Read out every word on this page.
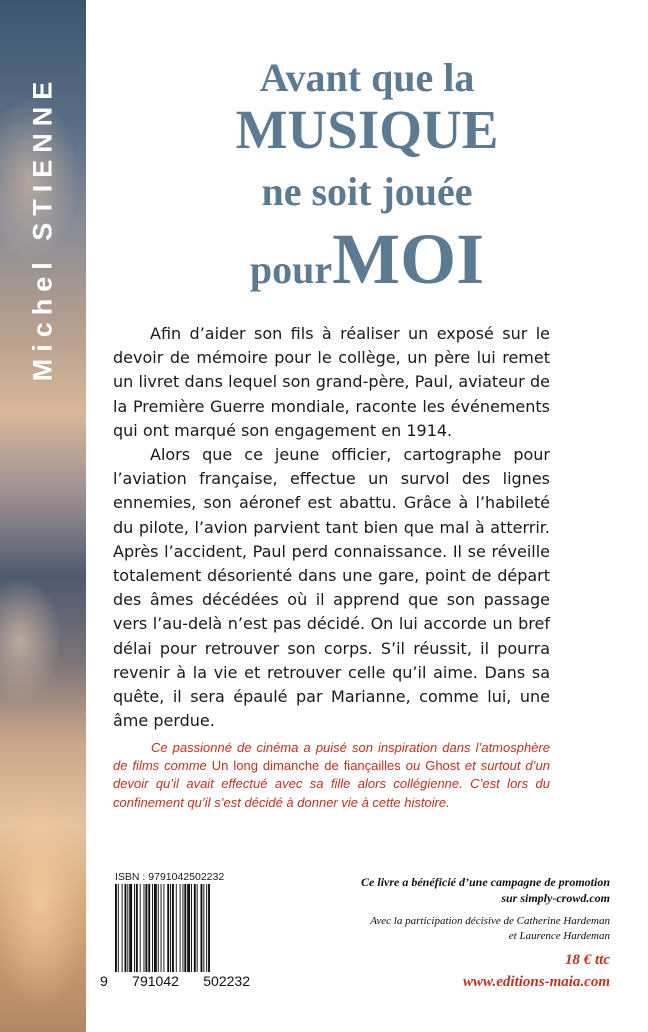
Michel STIENNE	Avant que la
MUSIQUE
ne soit jouée
pourMOI

Afin d’aider son fils à réaliser un exposé sur le devoir de mémoire pour le collège, un père lui remet un livret dans lequel son grand-père, Paul, aviateur de la Première Guerre mondiale, raconte les événements qui ont marqué son engagement en 1914.

Alors que ce jeune officier, cartographe pour l’aviation française, effectue un survol des lignes ennemies, son aéronef est abattu. Grâce à l’habileté du pilote, l’avion parvient tant bien que mal à atterrir. Après l’accident, Paul perd connaissance. Il se réveille totalement désorienté dans une gare, point de départ des âmes décédées où il apprend que son passage vers l’au-delà n’est pas décidé. On lui accorde un bref délai pour retrouver son corps. S’il réussit, il pourra revenir à la vie et retrouver celle qu’il aime. Dans sa quête, il sera épaulé par Marianne, comme lui, une âme perdue.

Ce passionné de cinéma a puisé son inspiration dans l’atmosphère de films comme Un long dimanche de fiançailles ou Ghost et surtout d’un devoir qu’il avait effectué avec sa fille alors collégienne. C’est lors du confinement qu’il s’est décidé à donner vie à cette histoire.

ISBN : 9791042502232
9 791042 502232
Ce livre a bénéficié d’une campagne de promotion
sur simply-crowd.com
Avec la participation décisive de Catherine Hardeman
et Laurence Hardeman
18 € ttc
www.editions-maia.com
